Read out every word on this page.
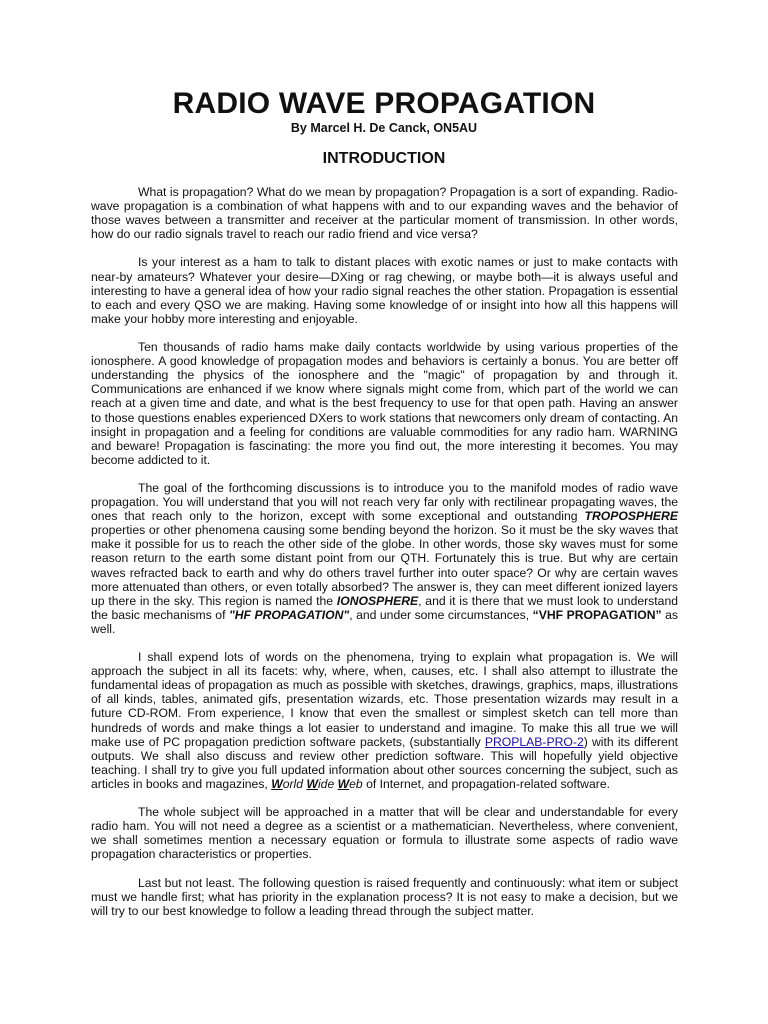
RADIO WAVE PROPAGATION
By Marcel H. De Canck, ON5AU
INTRODUCTION

What is propagation? What do we mean by propagation? Propagation is a sort of expanding. Radio-wave propagation is a combination of what happens with and to our expanding waves and the behavior of those waves between a transmitter and receiver at the particular moment of transmission. In other words, how do our radio signals travel to reach our radio friend and vice versa?

Is your interest as a ham to talk to distant places with exotic names or just to make contacts with near-by amateurs? Whatever your desire—DXing or rag chewing, or maybe both—it is always useful and interesting to have a general idea of how your radio signal reaches the other station. Propagation is essential to each and every QSO we are making. Having some knowledge of or insight into how all this happens will make your hobby more interesting and enjoyable.

Ten thousands of radio hams make daily contacts worldwide by using various properties of the ionosphere. A good knowledge of propagation modes and behaviors is certainly a bonus. You are better off understanding the physics of the ionosphere and the "magic" of propagation by and through it. Communications are enhanced if we know where signals might come from, which part of the world we can reach at a given time and date, and what is the best frequency to use for that open path. Having an answer to those questions enables experienced DXers to work stations that newcomers only dream of contacting. An insight in propagation and a feeling for conditions are valuable commodities for any radio ham. WARNING and beware! Propagation is fascinating: the more you find out, the more interesting it becomes. You may become addicted to it.

The goal of the forthcoming discussions is to introduce you to the manifold modes of radio wave propagation. You will understand that you will not reach very far only with rectilinear propagating waves, the ones that reach only to the horizon, except with some exceptional and outstanding TROPOSPHERE properties or other phenomena causing some bending beyond the horizon. So it must be the sky waves that make it possible for us to reach the other side of the globe. In other words, those sky waves must for some reason return to the earth some distant point from our QTH. Fortunately this is true. But why are certain waves refracted back to earth and why do others travel further into outer space? Or why are certain waves more attenuated than others, or even totally absorbed? The answer is, they can meet different ionized layers up there in the sky. This region is named the IONOSPHERE, and it is there that we must look to understand the basic mechanisms of "HF PROPAGATION", and under some circumstances, “VHF PROPAGATION” as well.

I shall expend lots of words on the phenomena, trying to explain what propagation is. We will approach the subject in all its facets: why, where, when, causes, etc. I shall also attempt to illustrate the fundamental ideas of propagation as much as possible with sketches, drawings, graphics, maps, illustrations of all kinds, tables, animated gifs, presentation wizards, etc. Those presentation wizards may result in a future CD-ROM. From experience, I know that even the smallest or simplest sketch can tell more than hundreds of words and make things a lot easier to understand and imagine. To make this all true we will make use of PC propagation prediction software packets, (substantially PROPLAB-PRO-2) with its different outputs. We shall also discuss and review other prediction software. This will hopefully yield objective teaching. I shall try to give you full updated information about other sources concerning the subject, such as articles in books and magazines, World Wide Web of Internet, and propagation-related software.

The whole subject will be approached in a matter that will be clear and understandable for every radio ham. You will not need a degree as a scientist or a mathematician. Nevertheless, where convenient, we shall sometimes mention a necessary equation or formula to illustrate some aspects of radio wave propagation characteristics or properties.

Last but not least. The following question is raised frequently and continuously: what item or subject must we handle first; what has priority in the explanation process? It is not easy to make a decision, but we will try to our best knowledge to follow a leading thread through the subject matter.
